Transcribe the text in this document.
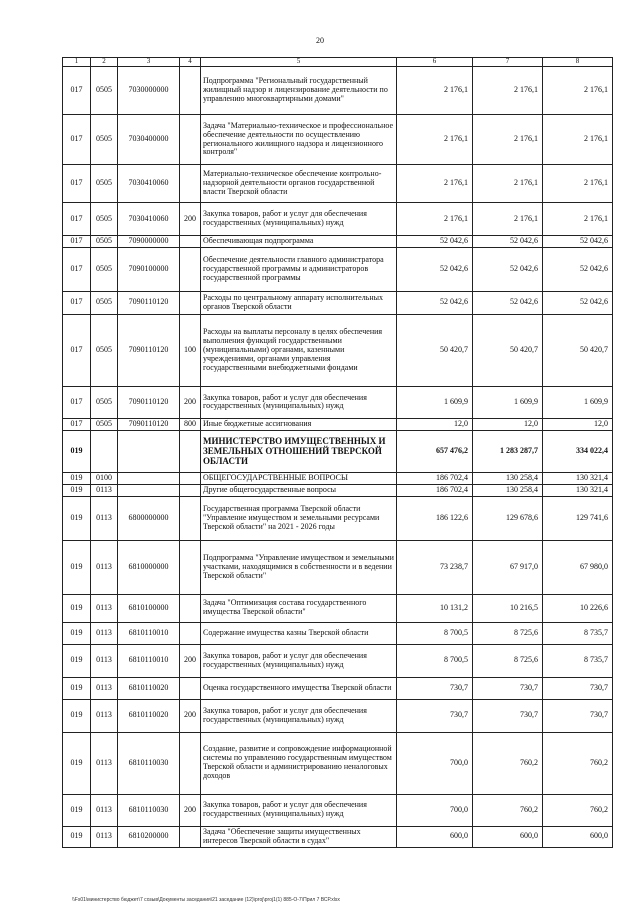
20
1	2	3	4	5	6	7	8
017	0505	7030000000		Подпрограмма "Региональный государственный жилищный надзор и лицензирование деятельности по управлению многоквартирными домами"	2 176,1	2 176,1	2 176,1
017	0505	7030400000		Задача "Материально-техническое и профессиональное обеспечение деятельности по осуществлению регионального жилищного надзора и лицензионного контроля"	2 176,1	2 176,1	2 176,1
017	0505	7030410060		Материально-техническое обеспечение контрольно-надзорной деятельности органов государственной власти Тверской области	2 176,1	2 176,1	2 176,1
017	0505	7030410060	200	Закупка товаров, работ и услуг для обеспечения государственных (муниципальных) нужд	2 176,1	2 176,1	2 176,1
017	0505	7090000000		Обеспечивающая подпрограмма	52 042,6	52 042,6	52 042,6
017	0505	7090100000		Обеспечение деятельности главного администратора государственной программы и администраторов государственной программы	52 042,6	52 042,6	52 042,6
017	0505	7090110120		Расходы по центральному аппарату исполнительных органов Тверской области	52 042,6	52 042,6	52 042,6
017	0505	7090110120	100	Расходы на выплаты персоналу в целях обеспечения выполнения функций государственными (муниципальными) органами, казенными учреждениями, органами управления государственными внебюджетными фондами	50 420,7	50 420,7	50 420,7
017	0505	7090110120	200	Закупка товаров, работ и услуг для обеспечения государственных (муниципальных) нужд	1 609,9	1 609,9	1 609,9
017	0505	7090110120	800	Иные бюджетные ассигнования	12,0	12,0	12,0
019				МИНИСТЕРСТВО ИМУЩЕСТВЕННЫХ И ЗЕМЕЛЬНЫХ ОТНОШЕНИЙ ТВЕРСКОЙ ОБЛАСТИ	657 476,2	1 283 287,7	334 022,4
019	0100			ОБЩЕГОСУДАРСТВЕННЫЕ ВОПРОСЫ	186 702,4	130 258,4	130 321,4
019	0113			Другие общегосударственные вопросы	186 702,4	130 258,4	130 321,4
019	0113	6800000000		Государственная программа Тверской области "Управление имуществом и земельными ресурсами Тверской области" на 2021 - 2026 годы	186 122,6	129 678,6	129 741,6
019	0113	6810000000		Подпрограмма "Управление имуществом и земельными участками, находящимися в собственности и в ведении Тверской области"	73 238,7	67 917,0	67 980,0
019	0113	6810100000		Задача "Оптимизация состава государственного имущества Тверской области"	10 131,2	10 216,5	10 226,6
019	0113	6810110010		Содержание имущества казны Тверской области	8 700,5	8 725,6	8 735,7
019	0113	6810110010	200	Закупка товаров, работ и услуг для обеспечения государственных (муниципальных) нужд	8 700,5	8 725,6	8 735,7
019	0113	6810110020		Оценка государственного имущества Тверской области	730,7	730,7	730,7
019	0113	6810110020	200	Закупка товаров, работ и услуг для обеспечения государственных (муниципальных) нужд	730,7	730,7	730,7
019	0113	6810110030		Создание, развитие и сопровождение информационной системы по управлению государственным имуществом Тверской области и администрированию неналоговых доходов	700,0	760,2	760,2
019	0113	6810110030	200	Закупка товаров, работ и услуг для обеспечения государственных (муниципальных) нужд	700,0	760,2	760,2
019	0113	6810200000		Задача "Обеспечение защиты имущественных интересов Тверской области в судах"	600,0	600,0	600,0
\\Fs01\министерство бюджет\7 созыв\Документы заседания\21 заседание (12)\proj\proj1(1) 885-О-7\Прил 7 ВСР.xlsx
